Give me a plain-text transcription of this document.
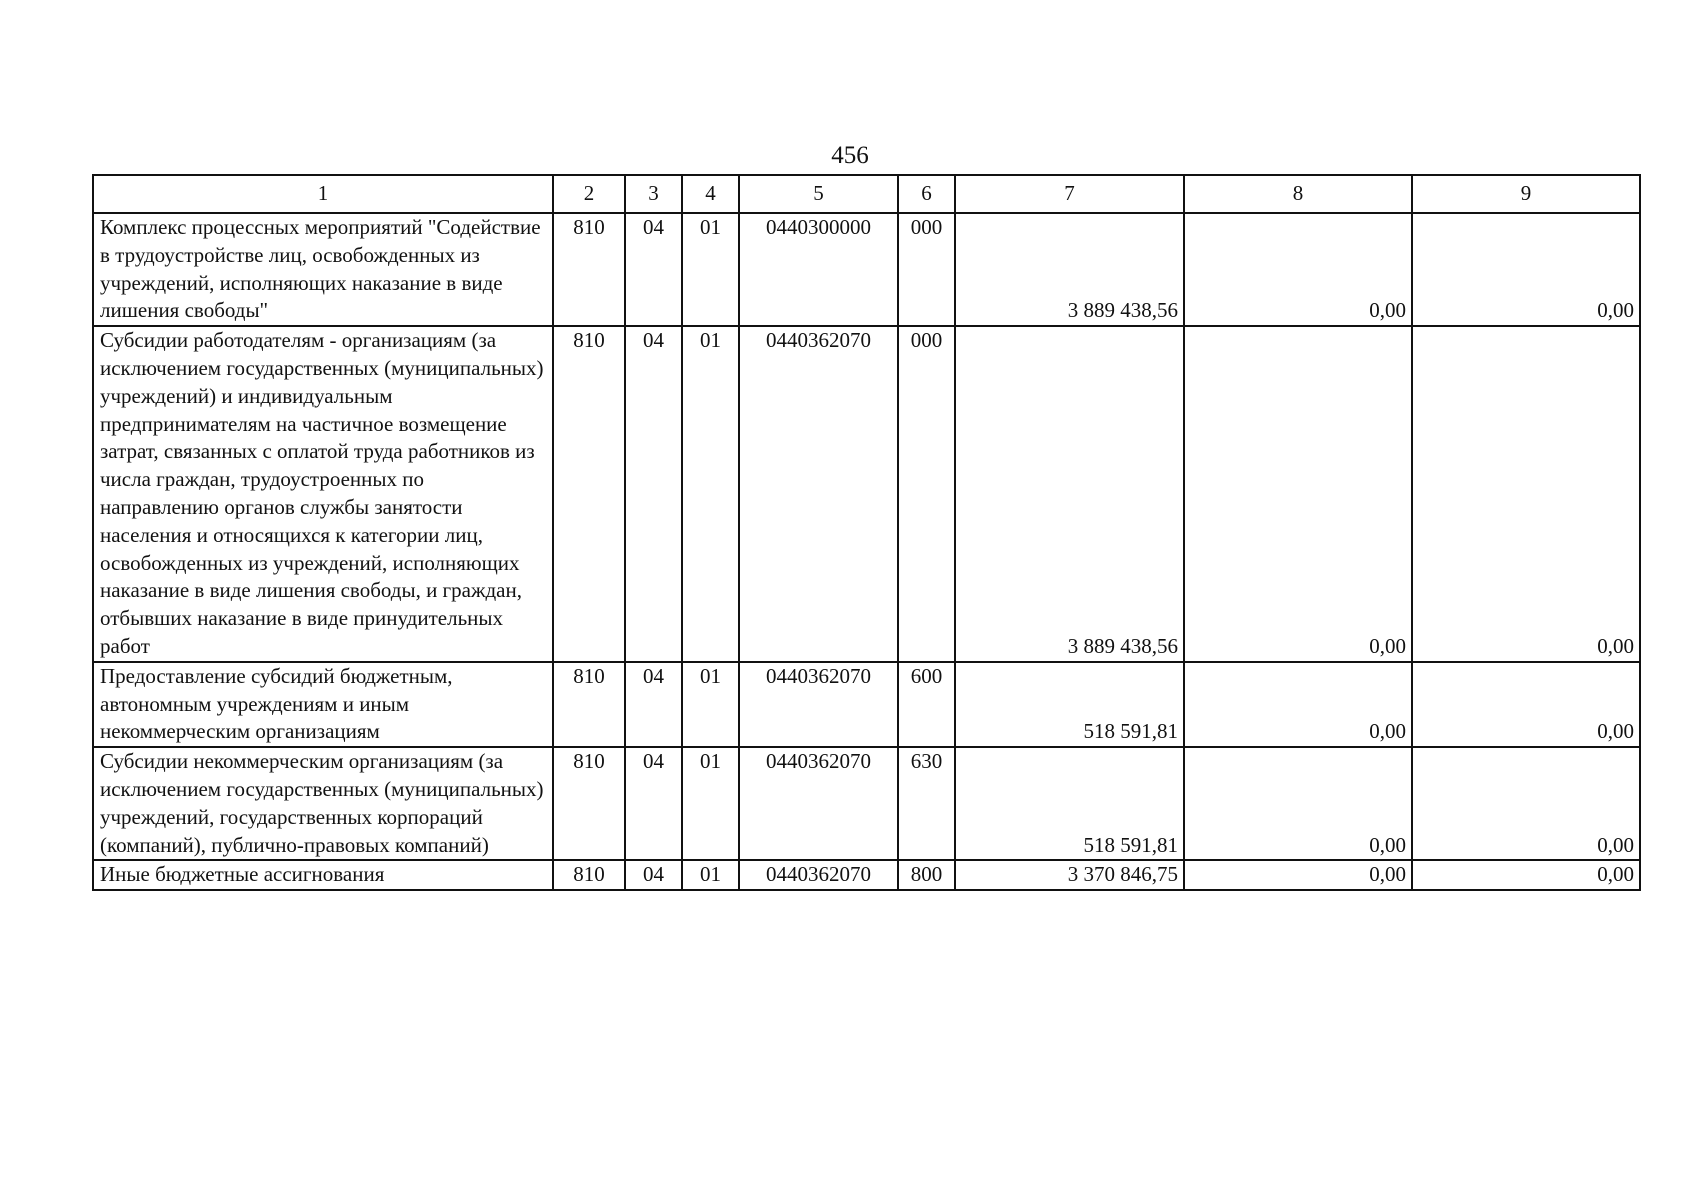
456
1	2	3	4	5	6	7	8	9
Комплекс процессных мероприятий "Содействие в трудоустройстве лиц, освобожденных из учреждений, исполняющих наказание в виде лишения свободы"	810	04	01	0440300000	000	3 889 438,56	0,00	0,00
Субсидии работодателям - организациям (за исключением государственных (муниципальных) учреждений) и индивидуальным предпринимателям на частичное возмещение затрат, связанных с оплатой труда работников из числа граждан, трудоустроенных по направлению органов службы занятости населения и относящихся к категории лиц, освобожденных из учреждений, исполняющих наказание в виде лишения свободы, и граждан, отбывших наказание в виде принудительных работ	810	04	01	0440362070	000	3 889 438,56	0,00	0,00
Предоставление субсидий бюджетным, автономным учреждениям и иным некоммерческим организациям	810	04	01	0440362070	600	518 591,81	0,00	0,00
Субсидии некоммерческим организациям (за исключением государственных (муниципальных) учреждений, государственных корпораций (компаний), публично-правовых компаний)	810	04	01	0440362070	630	518 591,81	0,00	0,00
Иные бюджетные ассигнования	810	04	01	0440362070	800	3 370 846,75	0,00	0,00
